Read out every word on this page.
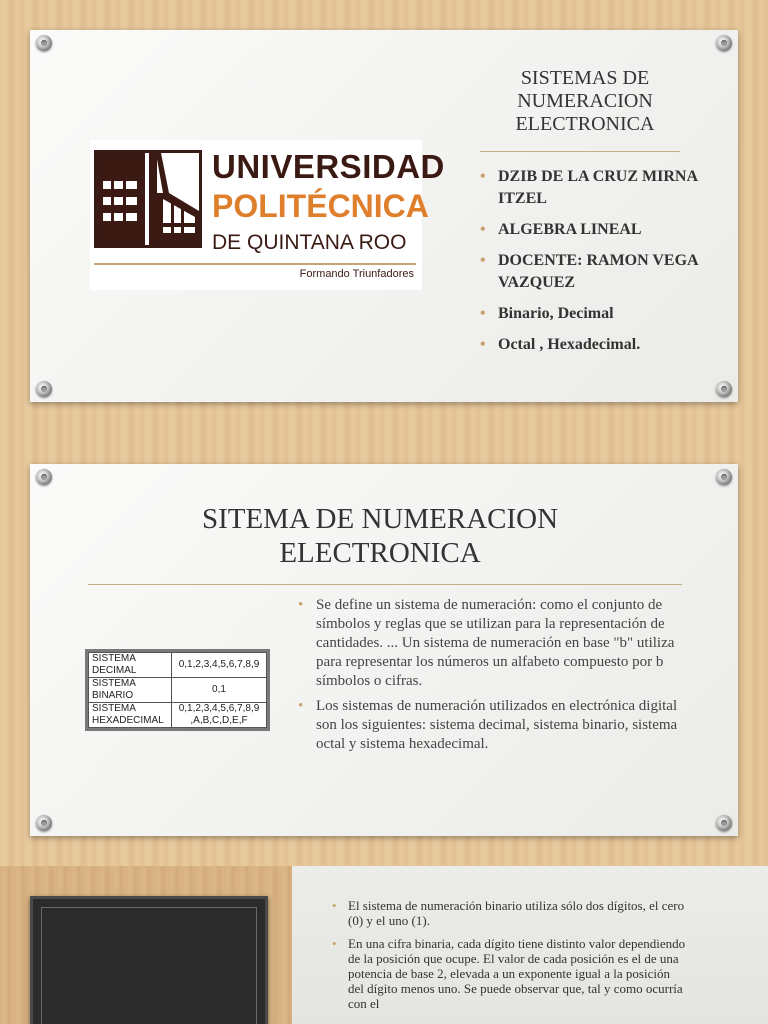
UNIVERSIDAD
POLITÉCNICA
DE QUINTANA ROO
Formando Triunfadores
SISTEMAS DE NUMERACION ELECTRONICA
• DZIB DE LA CRUZ MIRNA ITZEL
• ALGEBRA LINEAL
• DOCENTE: RAMON VEGA VAZQUEZ
• Binario, Decimal
• Octal , Hexadecimal.
SITEMA DE NUMERACION ELECTRONICA
SISTEMA DECIMAL	0,1,2,3,4,5,6,7,8,9
SISTEMA BINARIO	0,1
SISTEMA HEXADECIMAL	0,1,2,3,4,5,6,7,8,9 ,A,B,C,D,E,F
• Se define un sistema de numeración: como el conjunto de símbolos y reglas que se utilizan para la representación de cantidades. ... Un sistema de numeración en base "b" utiliza para representar los números un alfabeto compuesto por b símbolos o cifras.
• Los sistemas de numeración utilizados en electrónica digital son los siguientes: sistema decimal, sistema binario, sistema octal y sistema hexadecimal.
• El sistema de numeración binario utiliza sólo dos dígitos, el cero (0) y el uno (1).
• En una cifra binaria, cada dígito tiene distinto valor dependiendo de la posición que ocupe. El valor de cada posición es el de una potencia de base 2, elevada a un exponente igual a la posición del dígito menos uno. Se puede observar que, tal y como ocurría con el
